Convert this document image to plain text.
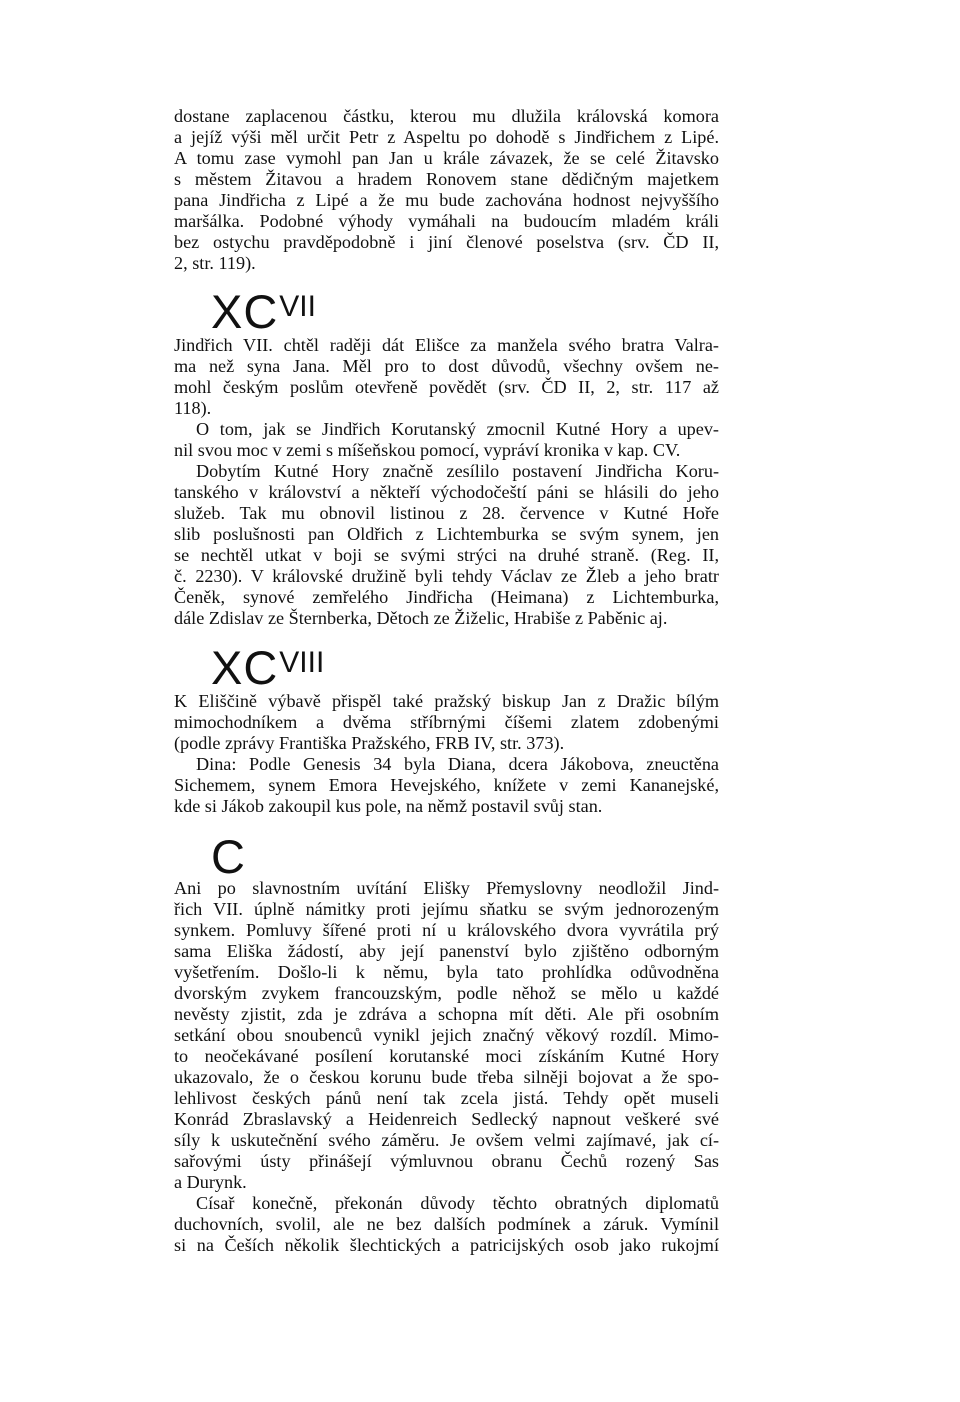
dostane zaplacenou částku, kterou mu dlužila královská komora
a jejíž výši měl určit Petr z Aspeltu po dohodě s Jindřichem z Lipé.
A tomu zase vymohl pan Jan u krále závazek, že se celé Žitavsko
s městem Žitavou a hradem Ronovem stane dědičným majetkem
pana Jindřicha z Lipé a že mu bude zachována hodnost nejvyššího
maršálka. Podobné výhody vymáhali na budoucím mladém králi
bez ostychu pravděpodobně i jiní členové poselstva (srv. ČD II,
2, str. 119).
$XC^{VII}$
Jindřich VII. chtěl raději dát Elišce za manžela svého bratra Valra-
ma než syna Jana. Měl pro to dost důvodů, všechny ovšem ne-
mohl českým poslům otevřeně povědět (srv. ČD II, 2, str. 117 až
118).
O tom, jak se Jindřich Korutanský zmocnil Kutné Hory a upev-
nil svou moc v zemi s míšeňskou pomocí, vypráví kronika v kap. CV.
Dobytím Kutné Hory značně zesílilo postavení Jindřicha Koru-
tanského v království a někteří východočeští páni se hlásili do jeho
služeb. Tak mu obnovil listinou z 28. července v Kutné Hoře
slib poslušnosti pan Oldřich z Lichtemburka se svým synem, jen
se nechtěl utkat v boji se svými strýci na druhé straně. (Reg. II,
č. 2230). V královské družině byli tehdy Václav ze Žleb a jeho bratr
Čeněk, synové zemřelého Jindřicha (Heimana) z Lichtemburka,
dále Zdislav ze Šternberka, Dětoch ze Žiželic, Hrabiše z Paběnic aj.
$XC^{VIII}$
K Eliščině výbavě přispěl také pražský biskup Jan z Dražic bílým
mimochodníkem a dvěma stříbrnými číšemi zlatem zdobenými
(podle zprávy Františka Pražského, FRB IV, str. 373).
Dina: Podle Genesis 34 byla Diana, dcera Jákobova, zneuctěna
Sichemem, synem Emora Hevejského, knížete v zemi Kananejské,
kde si Jákob zakoupil kus pole, na němž postavil svůj stan.
C
Ani po slavnostním uvítání Elišky Přemyslovny neodložil Jind-
řich VII. úplně námitky proti jejímu sňatku se svým jednorozeným
synkem. Pomluvy šířené proti ní u královského dvora vyvrátila prý
sama Eliška žádostí, aby její panenství bylo zjištěno odborným
vyšetřením. Došlo-li k němu, byla tato prohlídka odůvodněna
dvorským zvykem francouzským, podle něhož se mělo u každé
nevěsty zjistit, zda je zdráva a schopna mít děti. Ale při osobním
setkání obou snoubenců vynikl jejich značný věkový rozdíl. Mimo-
to neočekávané posílení korutanské moci získáním Kutné Hory
ukazovalo, že o českou korunu bude třeba silněji bojovat a že spo-
lehlivost českých pánů není tak zcela jistá. Tehdy opět museli
Konrád Zbraslavský a Heidenreich Sedlecký napnout veškeré své
síly k uskutečnění svého záměru. Je ovšem velmi zajímavé, jak cí-
sařovými ústy přinášejí výmluvnou obranu Čechů rozený Sas
a Durynk.
Císař konečně, překonán důvody těchto obratných diplomatů
duchovních, svolil, ale ne bez dalších podmínek a záruk. Vymínil
si na Češích několik šlechtických a patricijských osob jako rukojmí
